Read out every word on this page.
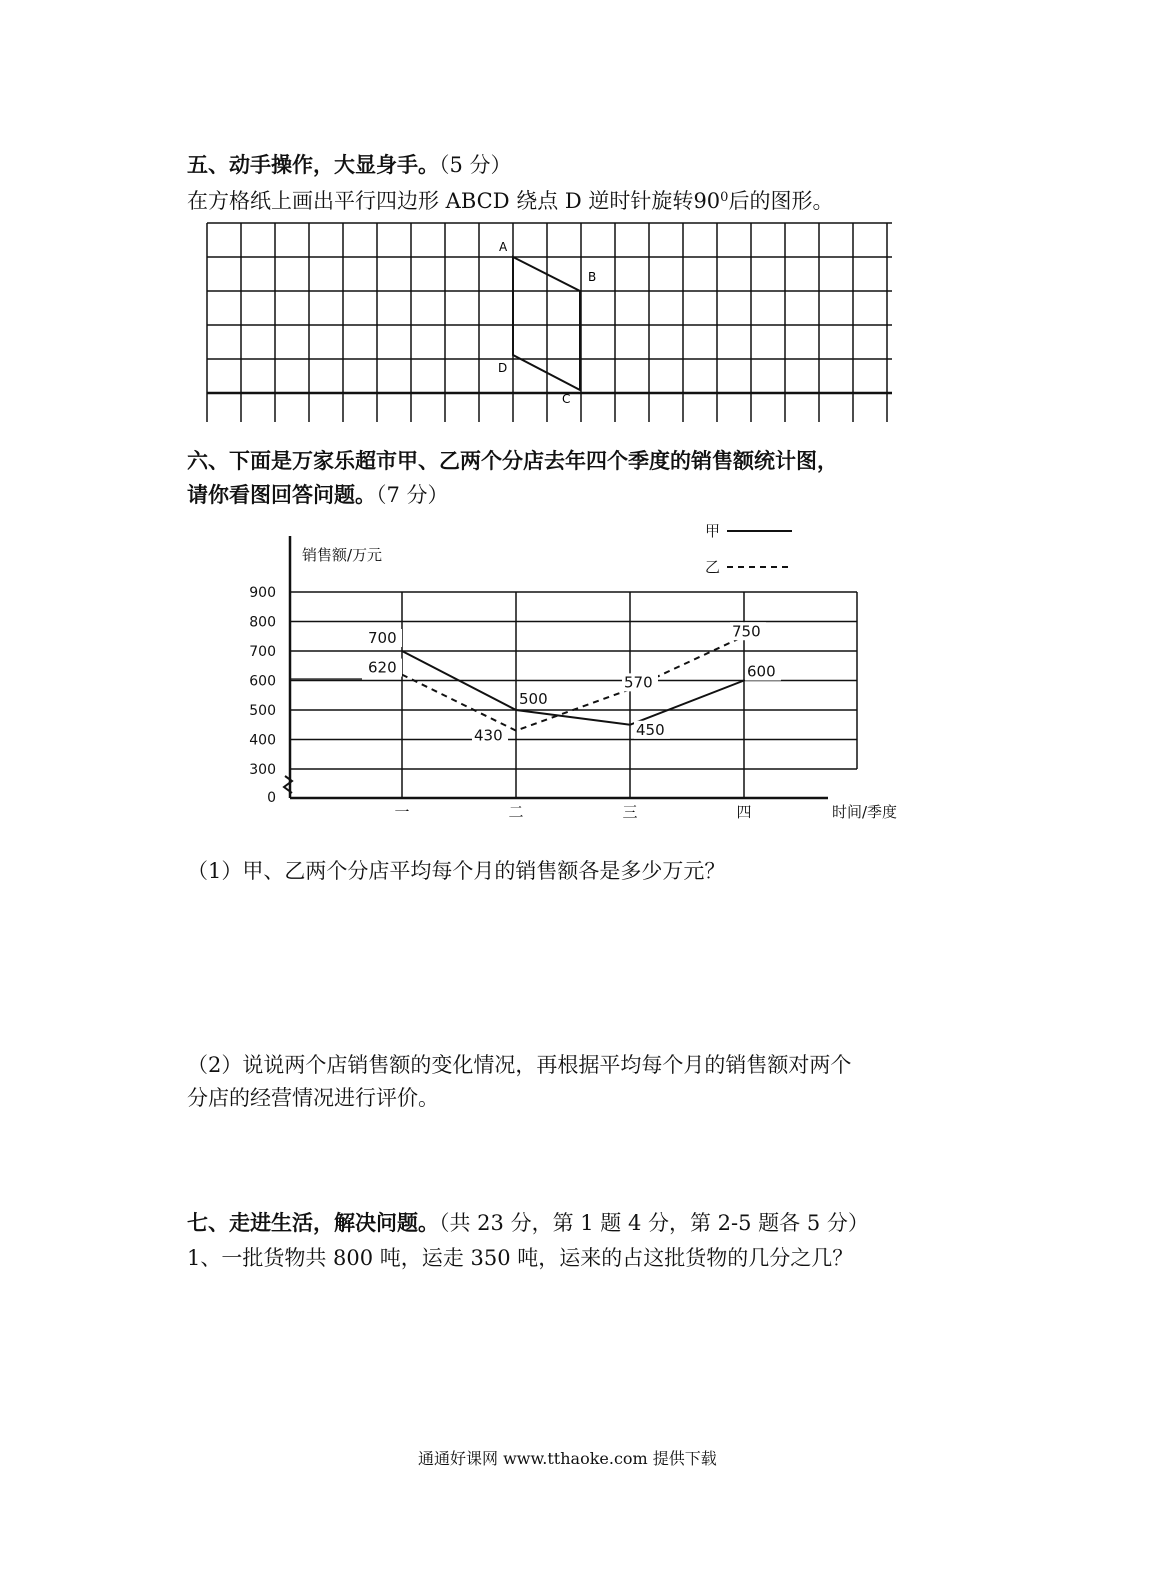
五、动手操作，大显身手。（5 分）
在方格纸上画出平行四边形 ABCD 绕点 D 逆时针旋转$90^0$后的图形。
A
B
C
D
六、下面是万家乐超市甲、乙两个分店去年四个季度的销售额统计图，
请你看图回答问题。（7 分）
0
300
400
500
600
700
800
900
一	二	三	四
销售额/万元
时间/季度
700
500
450
600
620
430
570
750
甲
乙
（1）甲、乙两个分店平均每个月的销售额各是多少万元？
（2）说说两个店销售额的变化情况，再根据平均每个月的销售额对两个
分店的经营情况进行评价。
七、走进生活，解决问题。（共 23 分，第 1 题 4 分，第 2-5 题各 5 分）
1、一批货物共 800 吨，运走 350 吨，运来的占这批货物的几分之几？
通通好课网 www.tthaoke.com 提供下载
